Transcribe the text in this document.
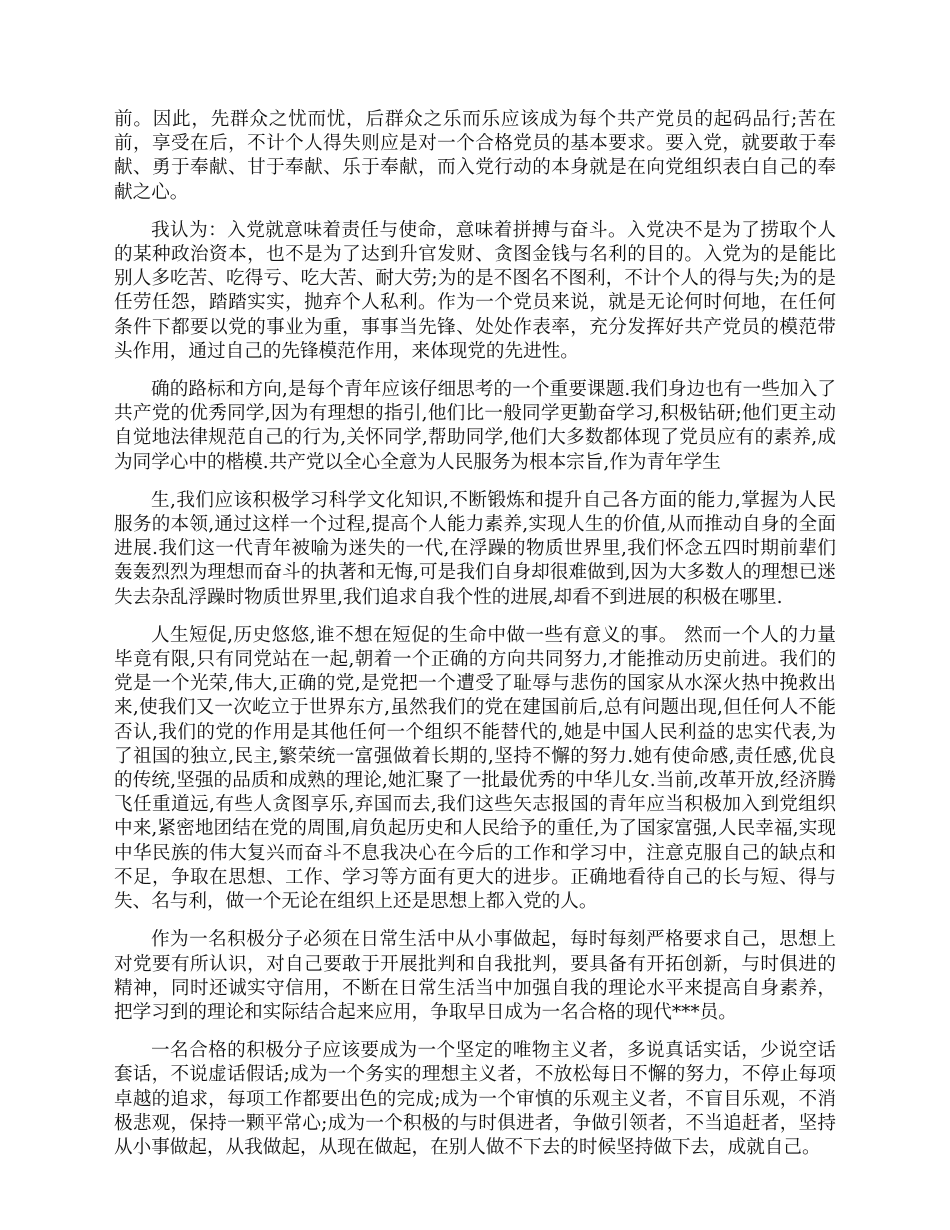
前。因此，先群众之忧而忧，后群众之乐而乐应该成为每个共产党员的起码品行;苦在前，享受在后，不计个人得失则应是对一个合格党员的基本要求。要入党，就要敢于奉献、勇于奉献、甘于奉献、乐于奉献，而入党行动的本身就是在向党组织表白自己的奉献之心。

我认为：入党就意味着责任与使命，意味着拼搏与奋斗。入党决不是为了捞取个人的某种政治资本，也不是为了达到升官发财、贪图金钱与名利的目的。入党为的是能比别人多吃苦、吃得亏、吃大苦、耐大劳;为的是不图名不图利，不计个人的得与失;为的是任劳任怨，踏踏实实，抛弃个人私利。作为一个党员来说，就是无论何时何地，在任何条件下都要以党的事业为重，事事当先锋、处处作表率，充分发挥好共产党员的模范带头作用，通过自己的先锋模范作用，来体现党的先进性。

确的路标和方向,是每个青年应该仔细思考的一个重要课题.我们身边也有一些加入了共产党的优秀同学,因为有理想的指引,他们比一般同学更勤奋学习,积极钻研;他们更主动自觉地法律规范自己的行为,关怀同学,帮助同学,他们大多数都体现了党员应有的素养,成为同学心中的楷模.共产党以全心全意为人民服务为根本宗旨,作为青年学生

生,我们应该积极学习科学文化知识,不断锻炼和提升自己各方面的能力,掌握为人民服务的本领,通过这样一个过程,提高个人能力素养,实现人生的价值,从而推动自身的全面进展.我们这一代青年被喻为迷失的一代,在浮躁的物质世界里,我们怀念五四时期前辈们轰轰烈烈为理想而奋斗的执著和无悔,可是我们自身却很难做到,因为大多数人的理想已迷失去杂乱浮躁时物质世界里,我们追求自我个性的进展,却看不到进展的积极在哪里.

人生短促,历史悠悠,谁不想在短促的生命中做一些有意义的事。 然而一个人的力量毕竟有限,只有同党站在一起,朝着一个正确的方向共同努力,才能推动历史前进。我们的党是一个光荣,伟大,正确的党,是党把一个遭受了耻辱与悲伤的国家从水深火热中挽救出来,使我们又一次屹立于世界东方,虽然我们的党在建国前后,总有问题出现,但任何人不能否认,我们的党的作用是其他任何一个组织不能替代的,她是中国人民利益的忠实代表,为了祖国的独立,民主,繁荣统一富强做着长期的,坚持不懈的努力.她有使命感,责任感,优良的传统,坚强的品质和成熟的理论,她汇聚了一批最优秀的中华儿女.当前,改革开放,经济腾飞任重道远,有些人贪图享乐,弃国而去,我们这些矢志报国的青年应当积极加入到党组织中来,紧密地团结在党的周围,肩负起历史和人民给予的重任,为了国家富强,人民幸福,实现中华民族的伟大复兴而奋斗不息我决心在今后的工作和学习中，注意克服自己的缺点和不足，争取在思想、工作、学习等方面有更大的进步。正确地看待自己的长与短、得与失、名与利，做一个无论在组织上还是思想上都入党的人。

作为一名积极分子必须在日常生活中从小事做起，每时每刻严格要求自己，思想上对党要有所认识，对自己要敢于开展批判和自我批判，要具备有开拓创新，与时俱进的精神，同时还诚实守信用，不断在日常生活当中加强自我的理论水平来提高自身素养，把学习到的理论和实际结合起来应用，争取早日成为一名合格的现代***员。

一名合格的积极分子应该要成为一个坚定的唯物主义者，多说真话实话，少说空话套话，不说虚话假话;成为一个务实的理想主义者，不放松每日不懈的努力，不停止每项卓越的追求，每项工作都要出色的完成;成为一个审慎的乐观主义者，不盲目乐观，不消极悲观，保持一颗平常心;成为一个积极的与时俱进者，争做引领者，不当追赶者，坚持从小事做起，从我做起，从现在做起，在别人做不下去的时候坚持做下去，成就自己。
